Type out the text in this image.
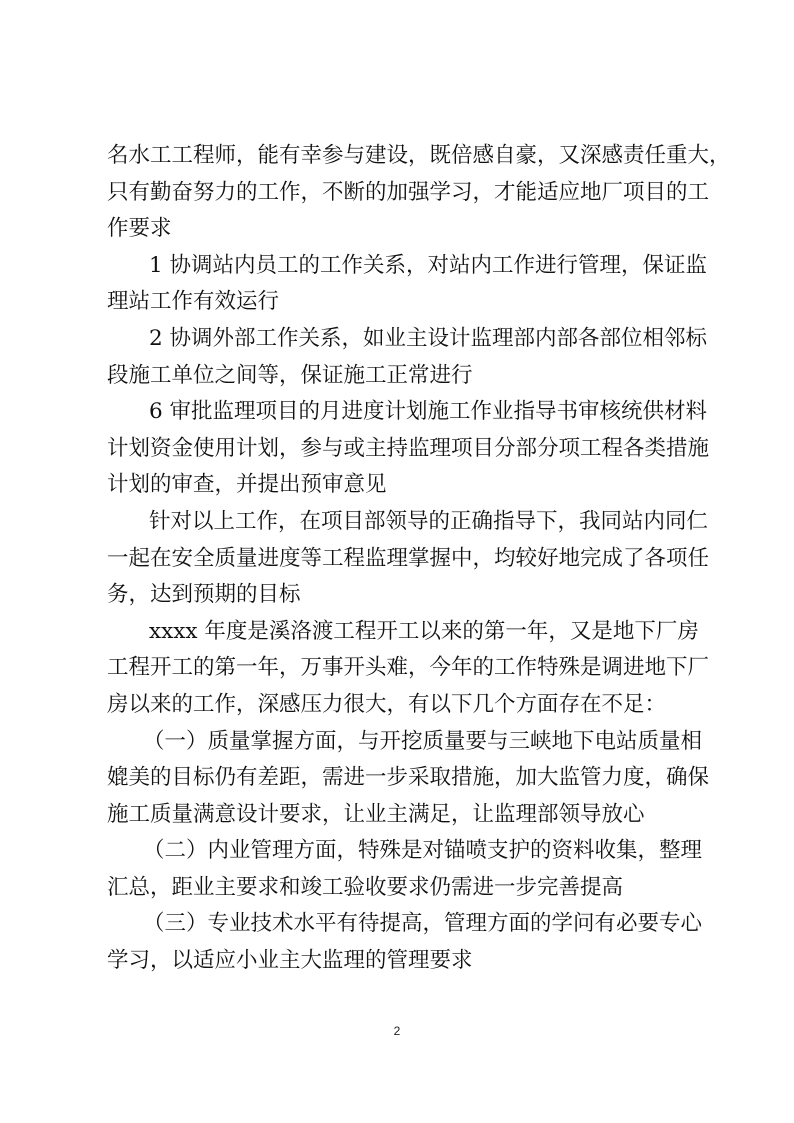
名水工工程师，能有幸参与建设，既倍感自豪，又深感责任重大，
只有勤奋努力的工作，不断的加强学习，才能适应地厂项目的工
作要求
1 协调站内员工的工作关系，对站内工作进行管理，保证监
理站工作有效运行
2 协调外部工作关系，如业主设计监理部内部各部位相邻标
段施工单位之间等，保证施工正常进行
6 审批监理项目的月进度计划施工作业指导书审核统供材料
计划资金使用计划，参与或主持监理项目分部分项工程各类措施
计划的审查，并提出预审意见
针对以上工作，在项目部领导的正确指导下，我同站内同仁
一起在安全质量进度等工程监理掌握中，均较好地完成了各项任
务，达到预期的目标
xxxx 年度是溪洛渡工程开工以来的第一年，又是地下厂房
工程开工的第一年，万事开头难，今年的工作特殊是调进地下厂
房以来的工作，深感压力很大，有以下几个方面存在不足：
（一）质量掌握方面，与开挖质量要与三峡地下电站质量相
媲美的目标仍有差距，需进一步采取措施，加大监管力度，确保
施工质量满意设计要求，让业主满足，让监理部领导放心
（二）内业管理方面，特殊是对锚喷支护的资料收集，整理
汇总，距业主要求和竣工验收要求仍需进一步完善提高
（三）专业技术水平有待提高，管理方面的学问有必要专心
学习，以适应小业主大监理的管理要求
2
